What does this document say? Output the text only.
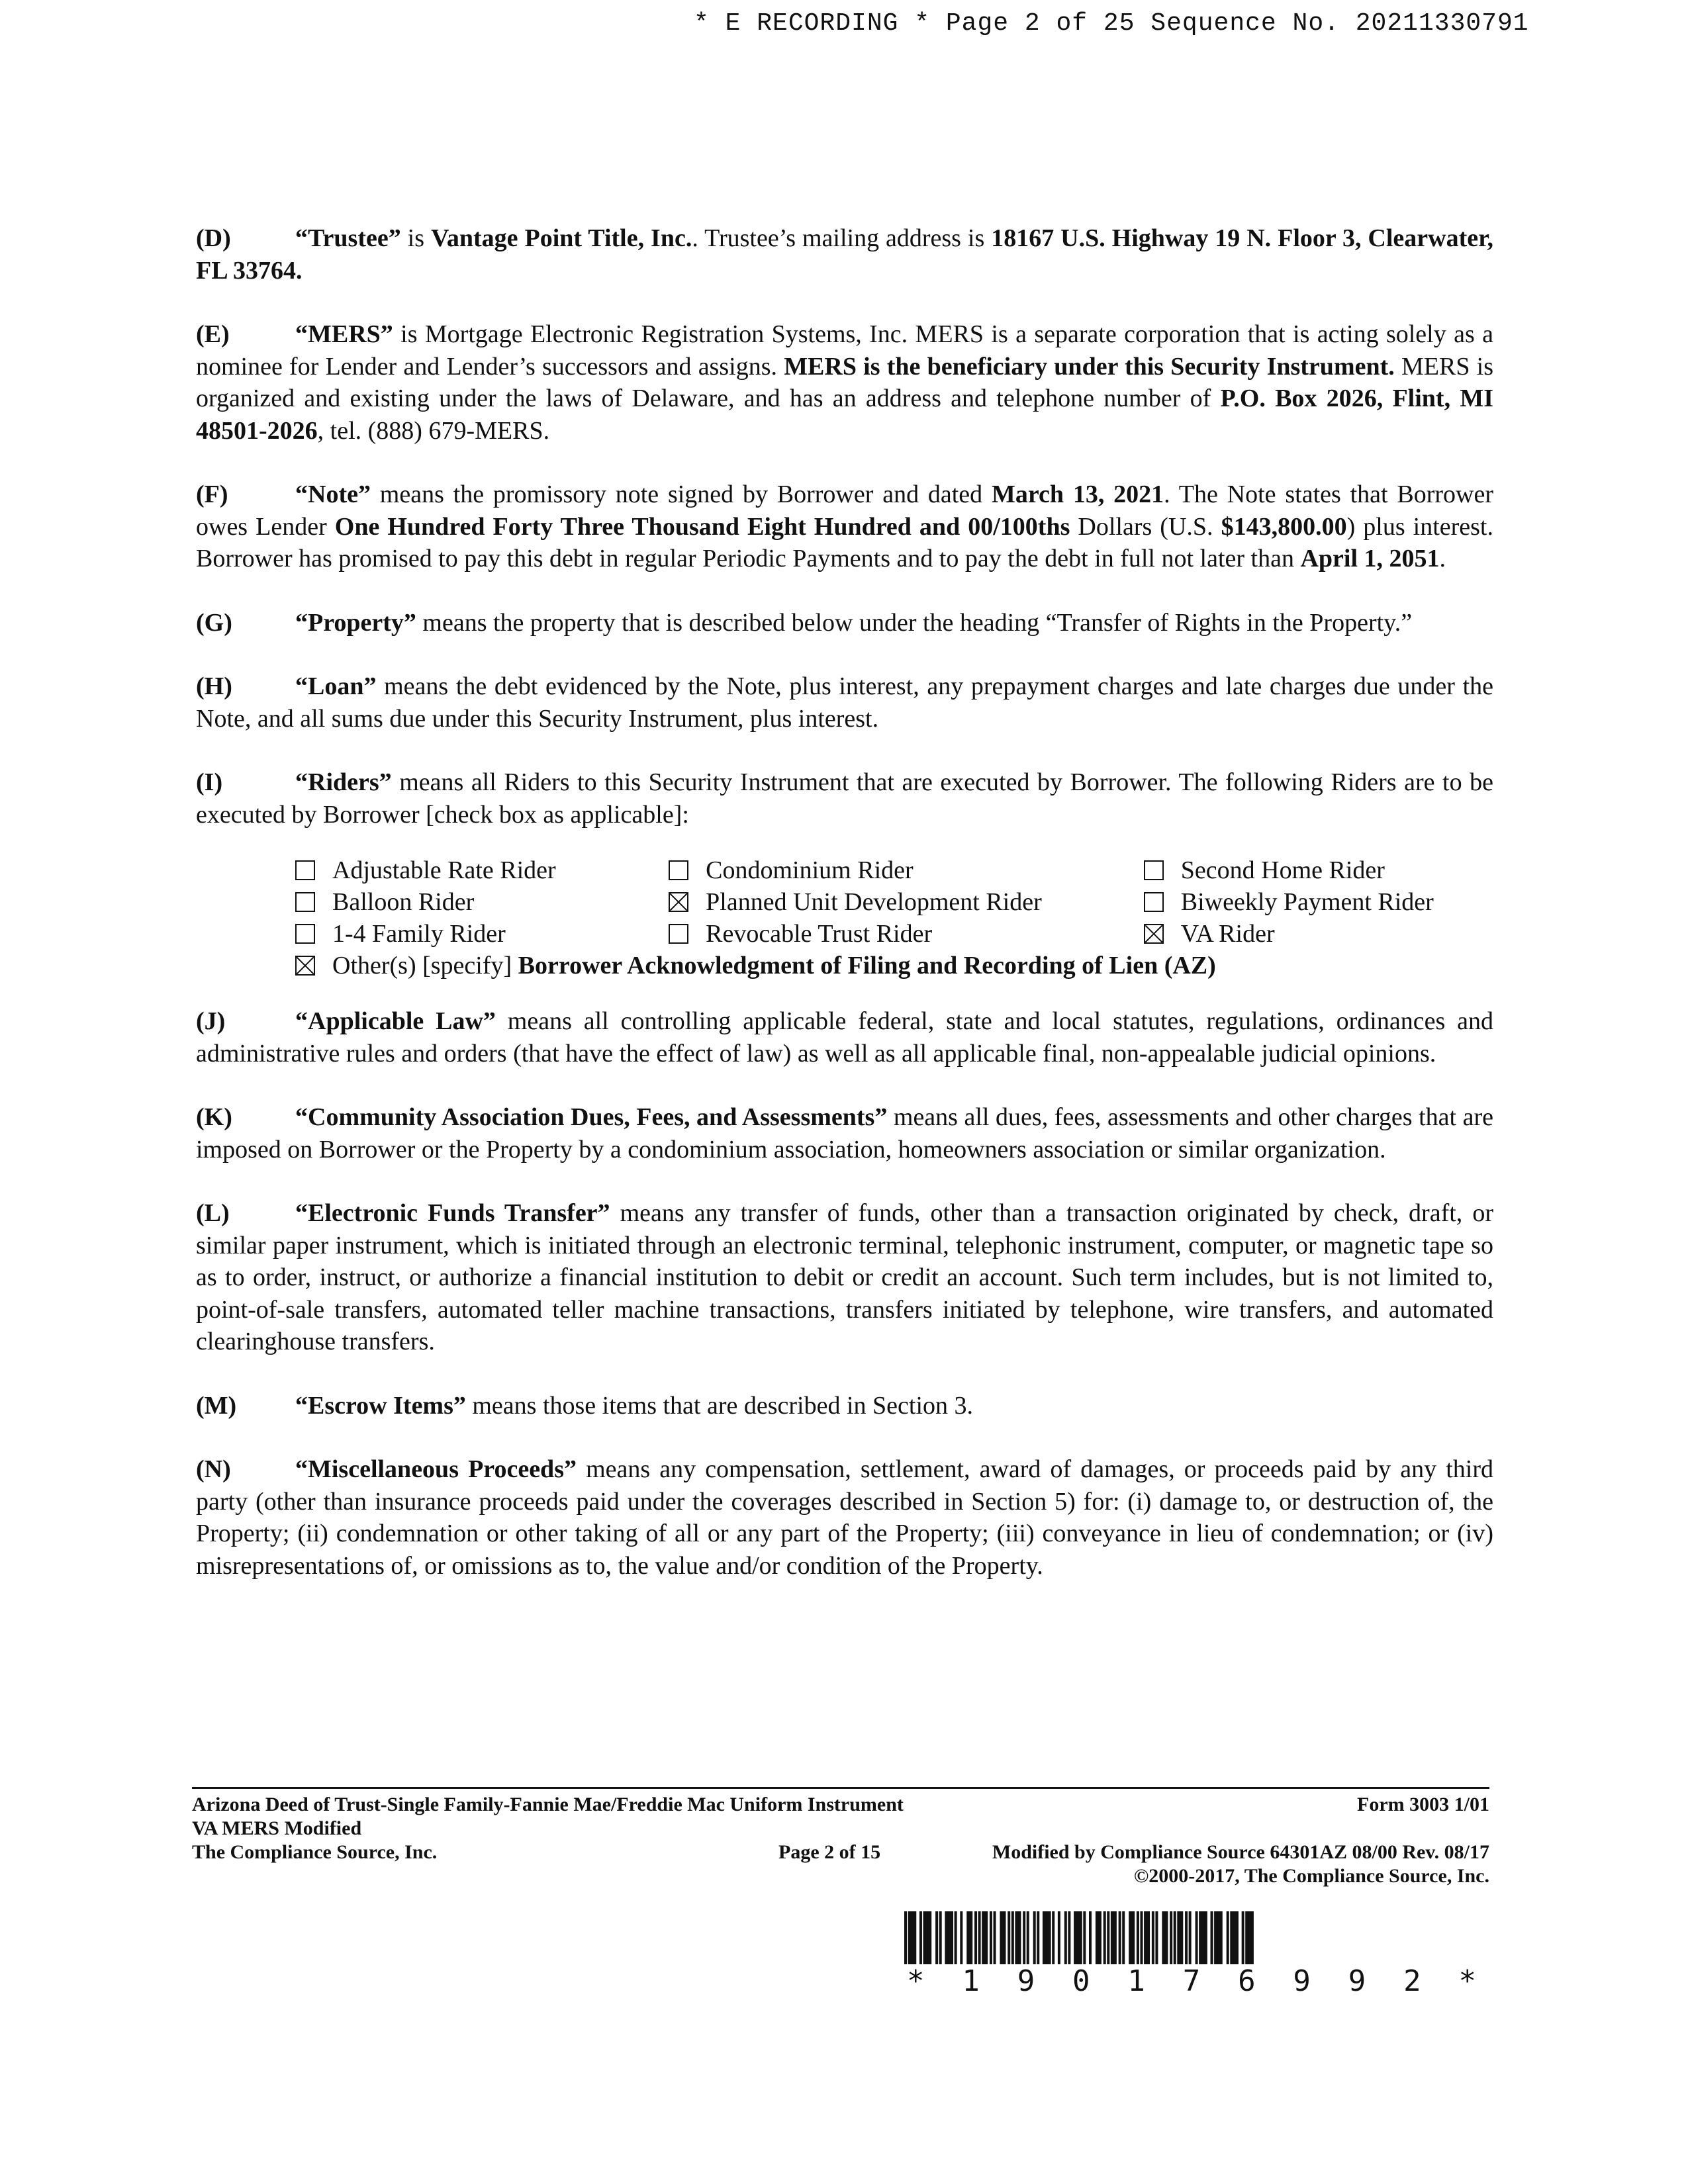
* E RECORDING * Page 2 of 25 Sequence No. 20211330791

(D)	“Trustee” is Vantage Point Title, Inc.. Trustee’s mailing address is 18167 U.S. Highway 19 N. Floor 3, Clearwater, FL 33764.

(E)	“MERS” is Mortgage Electronic Registration Systems, Inc. MERS is a separate corporation that is acting solely as a nominee for Lender and Lender’s successors and assigns. MERS is the beneficiary under this Security Instrument. MERS is organized and existing under the laws of Delaware, and has an address and telephone number of P.O. Box 2026, Flint, MI 48501-2026, tel. (888) 679-MERS.

(F)	“Note” means the promissory note signed by Borrower and dated March 13, 2021. The Note states that Borrower owes Lender One Hundred Forty Three Thousand Eight Hundred and 00/100ths Dollars (U.S. $143,800.00) plus interest. Borrower has promised to pay this debt in regular Periodic Payments and to pay the debt in full not later than April 1, 2051.

(G)	“Property” means the property that is described below under the heading “Transfer of Rights in the Property.”

(H)	“Loan” means the debt evidenced by the Note, plus interest, any prepayment charges and late charges due under the Note, and all sums due under this Security Instrument, plus interest.

(I)	“Riders” means all Riders to this Security Instrument that are executed by Borrower. The following Riders are to be executed by Borrower [check box as applicable]:

Adjustable Rate Rider	Condominium Rider	Second Home Rider
Balloon Rider	Planned Unit Development Rider	Biweekly Payment Rider
1-4 Family Rider	Revocable Trust Rider	VA Rider
Other(s) [specify] Borrower Acknowledgment of Filing and Recording of Lien (AZ)

(J)	“Applicable Law” means all controlling applicable federal, state and local statutes, regulations, ordinances and administrative rules and orders (that have the effect of law) as well as all applicable final, non-appealable judicial opinions.

(K)	“Community Association Dues, Fees, and Assessments” means all dues, fees, assessments and other charges that are imposed on Borrower or the Property by a condominium association, homeowners association or similar organization.

(L)	“Electronic Funds Transfer” means any transfer of funds, other than a transaction originated by check, draft, or similar paper instrument, which is initiated through an electronic terminal, telephonic instrument, computer, or magnetic tape so as to order, instruct, or authorize a financial institution to debit or credit an account. Such term includes, but is not limited to, point-of-sale transfers, automated teller machine transactions, transfers initiated by telephone, wire transfers, and automated clearinghouse transfers.

(M) “Escrow Items” means those items that are described in Section 3.

(N)	“Miscellaneous Proceeds” means any compensation, settlement, award of damages, or proceeds paid by any third party (other than insurance proceeds paid under the coverages described in Section 5) for: (i) damage to, or destruction of, the Property; (ii) condemnation or other taking of all or any part of the Property; (iii) conveyance in lieu of condemnation; or (iv) misrepresentations of, or omissions as to, the value and/or condition of the Property.

Arizona Deed of Trust-Single Family-Fannie Mae/Freddie Mac Uniform Instrument	Form 3003 1/01
VA MERS Modified
The Compliance Source, Inc.	Page 2 of 15	Modified by Compliance Source 64301AZ 08/00 Rev. 08/17
©2000-2017, The Compliance Source, Inc.
* 1 9 0 1 7 6 9 9 2 *
